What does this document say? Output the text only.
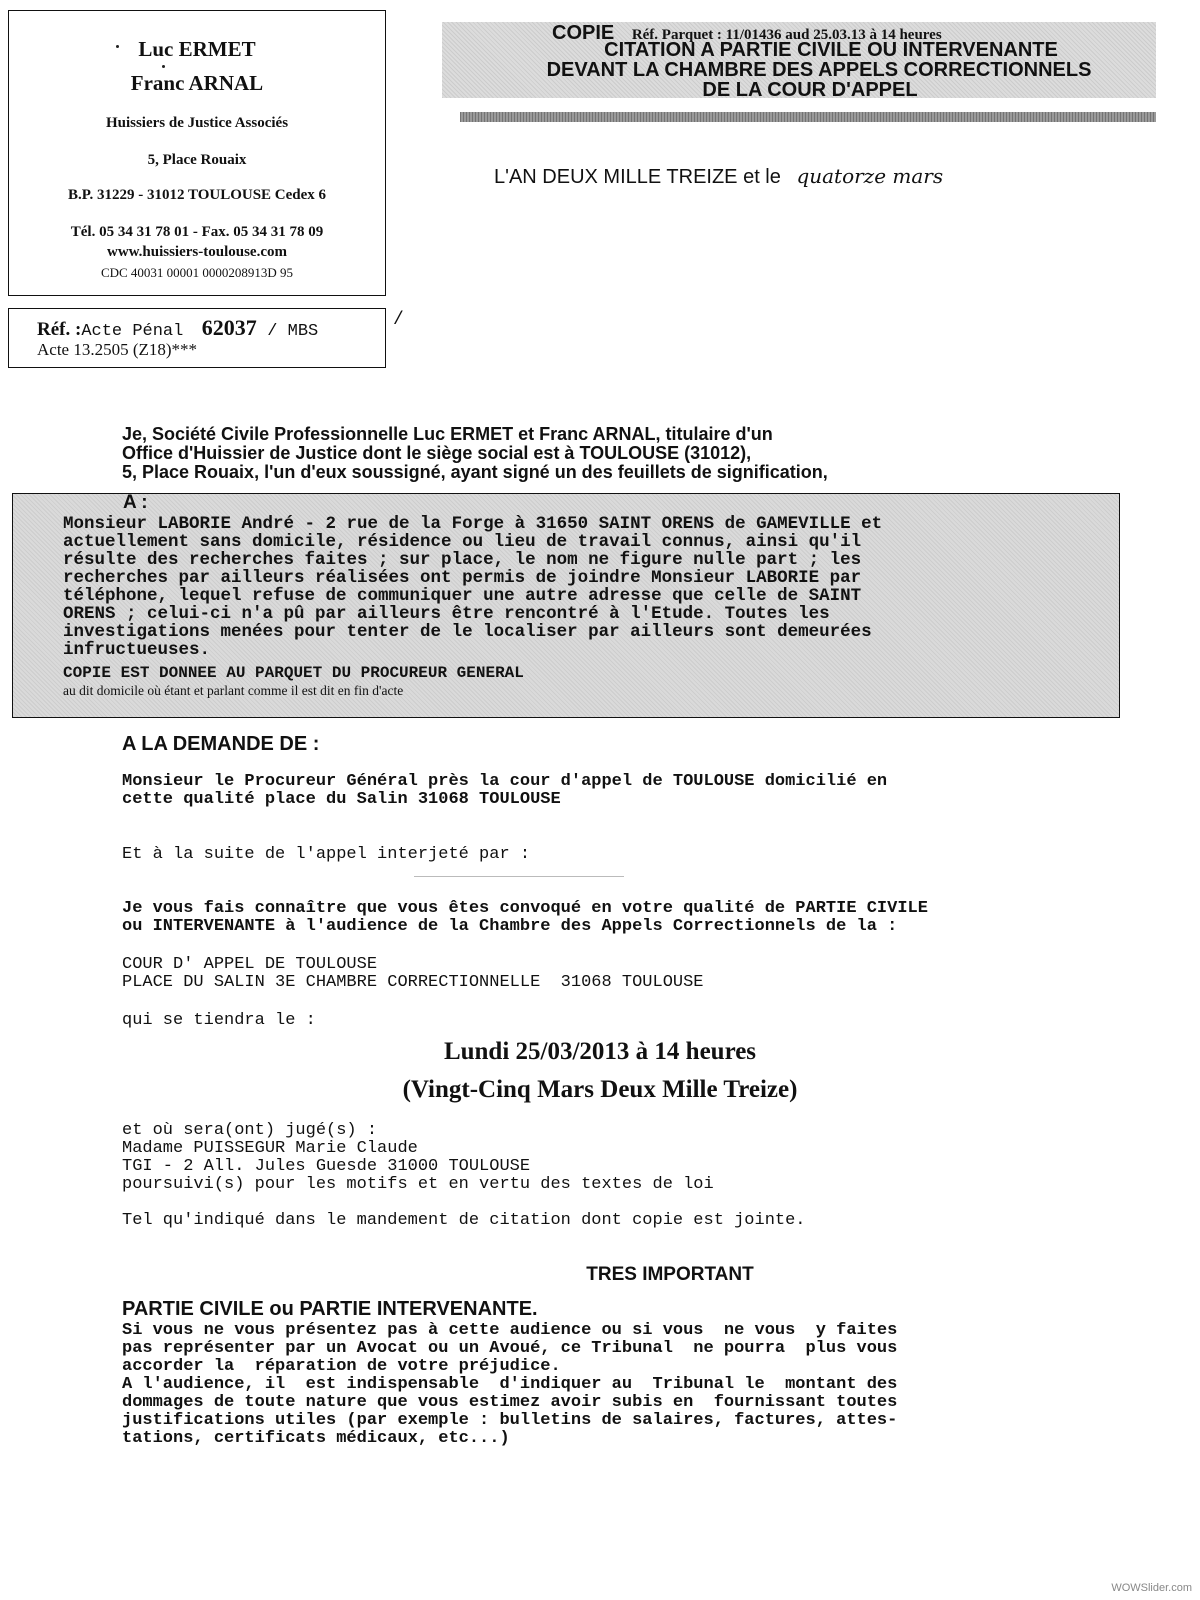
Luc ERMET
Franc ARNAL
Huissiers de Justice Associés
5, Place Rouaix
B.P. 31229 - 31012 TOULOUSE Cedex 6
Tél. 05 34 31 78 01 - Fax. 05 34 31 78 09
www.huissiers-toulouse.com
CDC 40031 00001 0000208913D 95
Réf. :Acte Pénal 62037 / MBS
Acte 13.2505 (Z18)***
/
COPIE Réf. Parquet : 11/01436 aud 25.03.13 à 14 heures
CITATION A PARTIE CIVILE OU INTERVENANTE
DEVANT LA CHAMBRE DES APPELS CORRECTIONNELS
DE LA COUR D'APPEL
L'AN DEUX MILLE TREIZE et le quatorze mars
Je, Société Civile Professionnelle Luc ERMET et Franc ARNAL, titulaire d'un
Office d'Huissier de Justice dont le siège social est à TOULOUSE (31012),
5, Place Rouaix, l'un d'eux soussigné, ayant signé un des feuillets de signification,
A :
Monsieur LABORIE André - 2 rue de la Forge à 31650 SAINT ORENS de GAMEVILLE et
actuellement sans domicile, résidence ou lieu de travail connus, ainsi qu'il
résulte des recherches faites ; sur place, le nom ne figure nulle part ; les
recherches par ailleurs réalisées ont permis de joindre Monsieur LABORIE par
téléphone, lequel refuse de communiquer une autre adresse que celle de SAINT
ORENS ; celui-ci n'a pû par ailleurs être rencontré à l'Etude. Toutes les
investigations menées pour tenter de le localiser par ailleurs sont demeurées
infructueuses.
COPIE EST DONNEE AU PARQUET DU PROCUREUR GENERAL
au dit domicile où étant et parlant comme il est dit en fin d'acte
A LA DEMANDE DE :
Monsieur le Procureur Général près la cour d'appel de TOULOUSE domicilié en
cette qualité place du Salin 31068 TOULOUSE
Et à la suite de l'appel interjeté par :
Je vous fais connaître que vous êtes convoqué en votre qualité de PARTIE CIVILE
ou INTERVENANTE à l'audience de la Chambre des Appels Correctionnels de la :
COUR D' APPEL DE TOULOUSE
PLACE DU SALIN 3E CHAMBRE CORRECTIONNELLE  31068 TOULOUSE
qui se tiendra le :
Lundi 25/03/2013 à 14 heures
(Vingt-Cinq Mars Deux Mille Treize)
et où sera(ont) jugé(s) :
Madame PUISSEGUR Marie Claude
TGI - 2 All. Jules Guesde 31000 TOULOUSE
poursuivi(s) pour les motifs et en vertu des textes de loi
Tel qu'indiqué dans le mandement de citation dont copie est jointe.
TRES IMPORTANT
PARTIE CIVILE ou PARTIE INTERVENANTE.
Si vous ne vous présentez pas à cette audience ou si vous  ne vous  y faites
pas représenter par un Avocat ou un Avoué, ce Tribunal  ne pourra  plus vous
accorder la  réparation de votre préjudice.
A l'audience, il  est indispensable  d'indiquer au  Tribunal le  montant des
dommages de toute nature que vous estimez avoir subis en  fournissant toutes
justifications utiles (par exemple : bulletins de salaires, factures, attes-
tations, certificats médicaux, etc...)
WOWSlider.com
